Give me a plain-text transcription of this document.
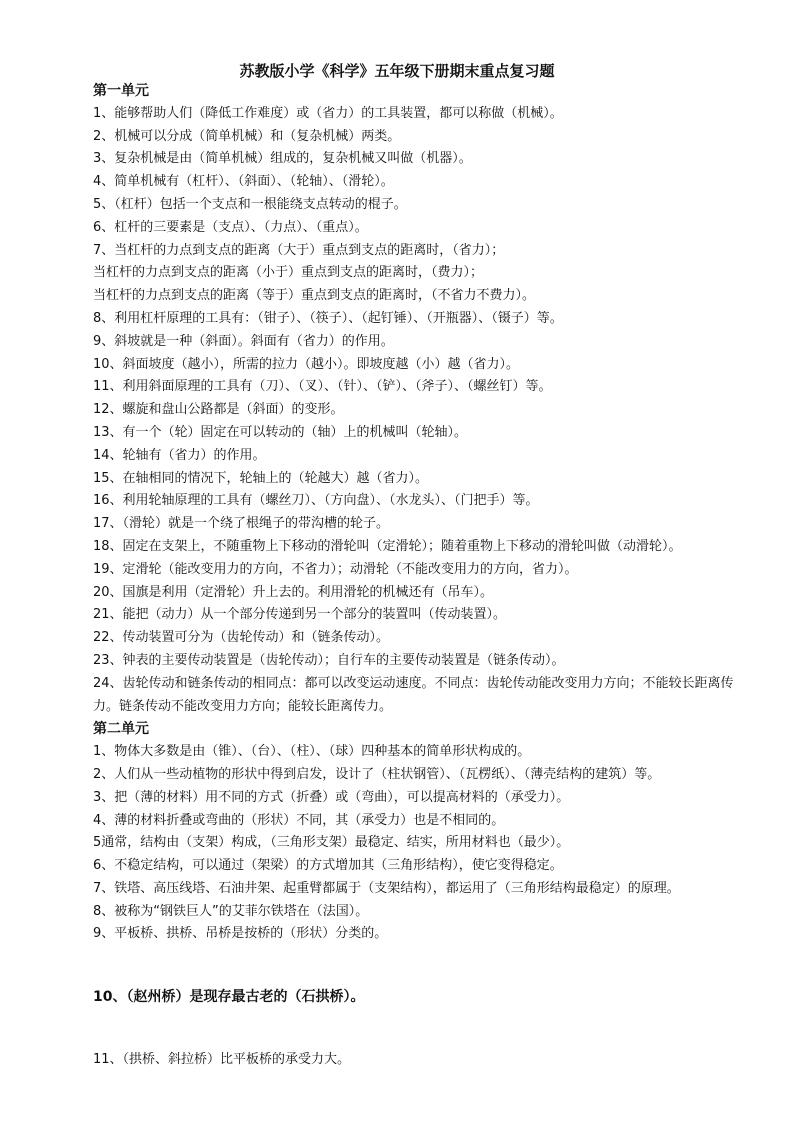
苏教版小学《科学》五年级下册期末重点复习题
第一单元
1、能够帮助人们（降低工作难度）或（省力）的工具装置，都可以称做（机械）。
2、机械可以分成（简单机械）和（复杂机械）两类。
3、复杂机械是由（简单机械）组成的，复杂机械又叫做（机器）。
4、简单机械有（杠杆）、（斜面）、（轮轴）、（滑轮）。
5、（杠杆）包括一个支点和一根能绕支点转动的棍子。
6、杠杆的三要素是（支点）、（力点）、（重点）。
7、当杠杆的力点到支点的距离（大于）重点到支点的距离时，（省力）；
当杠杆的力点到支点的距离（小于）重点到支点的距离时，（费力）；
当杠杆的力点到支点的距离（等于）重点到支点的距离时，（不省力不费力）。
8、利用杠杆原理的工具有：（钳子）、（筷子）、（起钉锤）、（开瓶器）、（镊子）等。
9、斜坡就是一种（斜面）。斜面有（省力）的作用。
10、斜面坡度（越小），所需的拉力（越小）。即坡度越（小）越（省力）。
11、利用斜面原理的工具有（刀）、（叉）、（针）、（铲）、（斧子）、（螺丝钉）等。
12、螺旋和盘山公路都是（斜面）的变形。
13、有一个（轮）固定在可以转动的（轴）上的机械叫（轮轴）。
14、轮轴有（省力）的作用。
15、在轴相同的情况下，轮轴上的（轮越大）越（省力）。
16、利用轮轴原理的工具有（螺丝刀）、（方向盘）、（水龙头）、（门把手）等。
17、（滑轮）就是一个绕了根绳子的带沟槽的轮子。
18、固定在支架上，不随重物上下移动的滑轮叫（定滑轮）；随着重物上下移动的滑轮叫做（动滑轮）。
19、定滑轮（能改变用力的方向，不省力）；动滑轮（不能改变用力的方向，省力）。
20、国旗是利用（定滑轮）升上去的。利用滑轮的机械还有（吊车）。
21、能把（动力）从一个部分传递到另一个部分的装置叫（传动装置）。
22、传动装置可分为（齿轮传动）和（链条传动）。
23、钟表的主要传动装置是（齿轮传动）；自行车的主要传动装置是（链条传动）。
24、齿轮传动和链条传动的相同点：都可以改变运动速度。不同点：齿轮传动能改变用力方向；不能较长距离传力。链条传动不能改变用力方向；能较长距离传力。
第二单元
1、物体大多数是由（锥）、（台）、（柱）、（球）四种基本的简单形状构成的。
2、人们从一些动植物的形状中得到启发，设计了（柱状钢管）、（瓦楞纸）、（薄壳结构的建筑）等。
3、把（薄的材料）用不同的方式（折叠）或（弯曲），可以提高材料的（承受力）。
4、薄的材料折叠或弯曲的（形状）不同，其（承受力）也是不相同的。
5通常，结构由（支架）构成，（三角形支架）最稳定、结实，所用材料也（最少）。
6、不稳定结构，可以通过（架梁）的方式增加其（三角形结构），使它变得稳定。
7、铁塔、高压线塔、石油井架、起重臂都属于（支架结构），都运用了（三角形结构最稳定）的原理。
8、被称为“钢铁巨人”的艾菲尔铁塔在（法国）。
9、平板桥、拱桥、吊桥是按桥的（形状）分类的。
10、（赵州桥）是现存最古老的（石拱桥）。
11、（拱桥、斜拉桥）比平板桥的承受力大。
